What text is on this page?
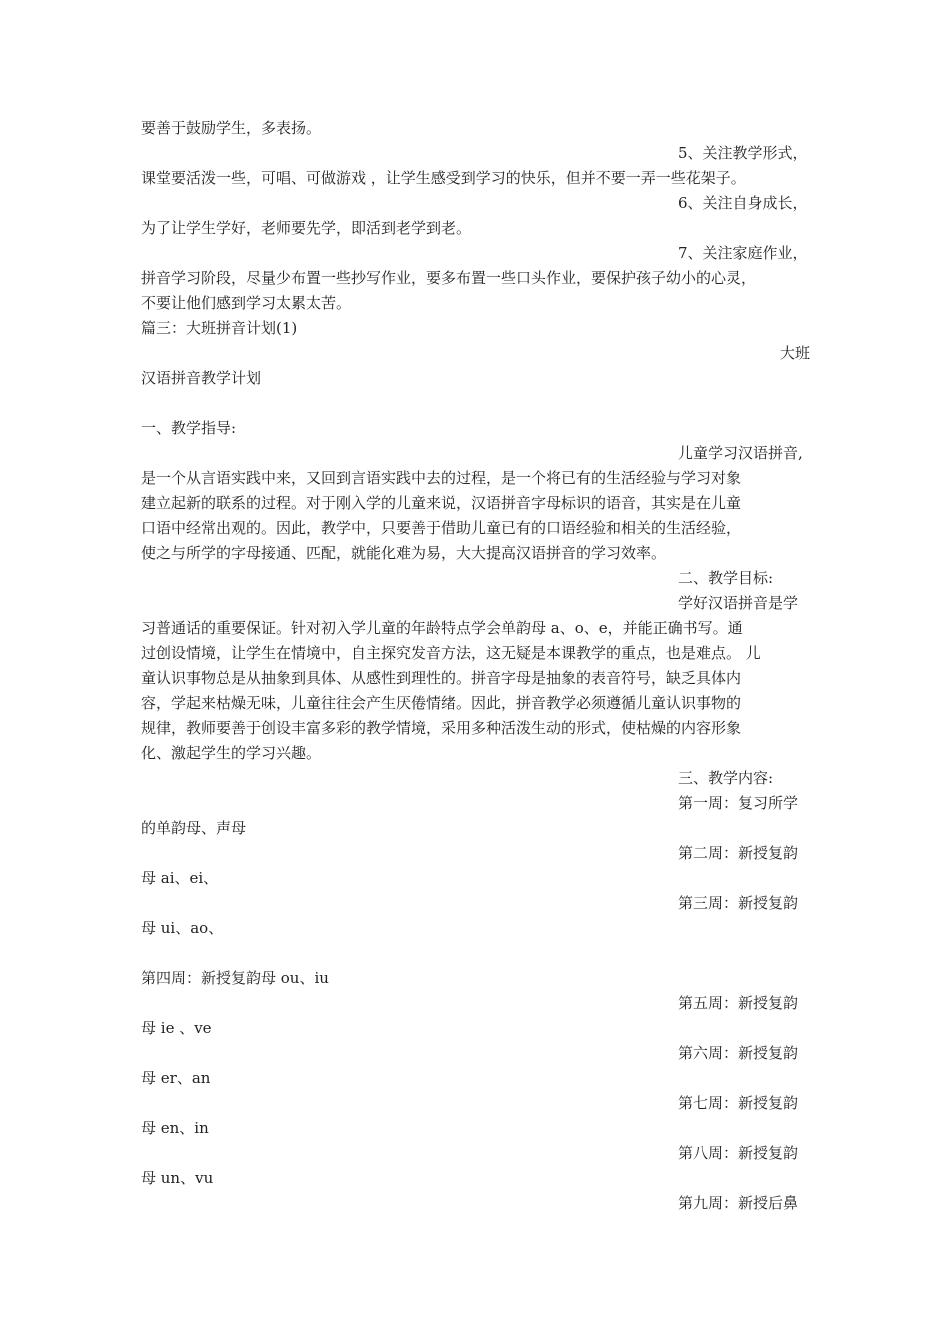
要善于鼓励学生，多表扬。
5、关注教学形式，
课堂要活泼一些，可唱、可做游戏 ，让学生感受到学习的快乐，但并不要一弄一些花架子。
6、关注自身成长，
为了让学生学好，老师要先学，即活到老学到老。
7、关注家庭作业，
拼音学习阶段，尽量少布置一些抄写作业，要多布置一些口头作业，要保护孩子幼小的心灵，
不要让他们感到学习太累太苦。
篇三：大班拼音计划(1)
大班
汉语拼音教学计划
一、教学指导:
儿童学习汉语拼音,
是一个从言语实践中来，又回到言语实践中去的过程，是一个将已有的生活经验与学习对象
建立起新的联系的过程。对于刚入学的儿童来说，汉语拼音字母标识的语音，其实是在儿童
口语中经常出观的。因此，教学中，只要善于借助儿童已有的口语经验和相关的生活经验，
使之与所学的字母接通、匹配，就能化难为易，大大提高汉语拼音的学习效率。
二、教学目标:
学好汉语拼音是学
习普通话的重要保证。针对初入学儿童的年龄特点学会单韵母 a、o、e，并能正确书写。通
过创设情境，让学生在情境中，自主探究发音方法，这无疑是本课教学的重点，也是难点。 儿
童认识事物总是从抽象到具体、从感性到理性的。拼音字母是抽象的表音符号，缺乏具体内
容，学起来枯燥无味，儿童往往会产生厌倦情绪。因此，拼音教学必须遵循儿童认识事物的
规律，教师要善于创设丰富多彩的教学情境，采用多种活泼生动的形式，使枯燥的内容形象
化、激起学生的学习兴趣。
三、教学内容:
第一周：复习所学
的单韵母、声母
第二周：新授复韵
母 ai、ei、
第三周：新授复韵
母 ui、ao、
第四周：新授复韵母 ou、iu
第五周：新授复韵
母 ie 、ve
第六周：新授复韵
母 er、an
第七周：新授复韵
母 en、in
第八周：新授复韵
母 un、vu
第九周：新授后鼻
